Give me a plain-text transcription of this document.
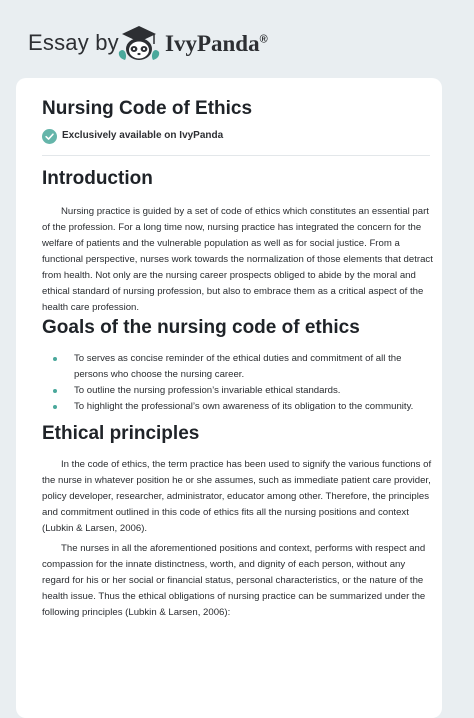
Essay by IvyPanda®
Nursing Code of Ethics
Exclusively available on IvyPanda
Introduction

Nursing practice is guided by a set of code of ethics which constitutes an essential part of the profession. For a long time now, nursing practice has integrated the concern for the welfare of patients and the vulnerable population as well as for social justice. From a functional perspective, nurses work towards the normalization of those elements that detract from health. Not only are the nursing career prospects obliged to abide by the moral and ethical standard of nursing profession, but also to embrace them as a critical aspect of the health care profession.

Goals of the nursing code of ethics
To serves as concise reminder of the ethical duties and commitment of all the persons who choose the nursing career.
To outline the nursing profession’s invariable ethical standards.
To highlight the professional’s own awareness of its obligation to the community.
Ethical principles

In the code of ethics, the term practice has been used to signify the various functions of the nurse in whatever position he or she assumes, such as immediate patient care provider, policy developer, researcher, administrator, educator among other. Therefore, the principles and commitment outlined in this code of ethics fits all the nursing positions and context (Lubkin & Larsen, 2006).

The nurses in all the aforementioned positions and context, performs with respect and compassion for the innate distinctness, worth, and dignity of each person, without any regard for his or her social or financial status, personal characteristics, or the nature of the health issue. Thus the ethical obligations of nursing practice can be summarized under the following principles (Lubkin & Larsen, 2006):
